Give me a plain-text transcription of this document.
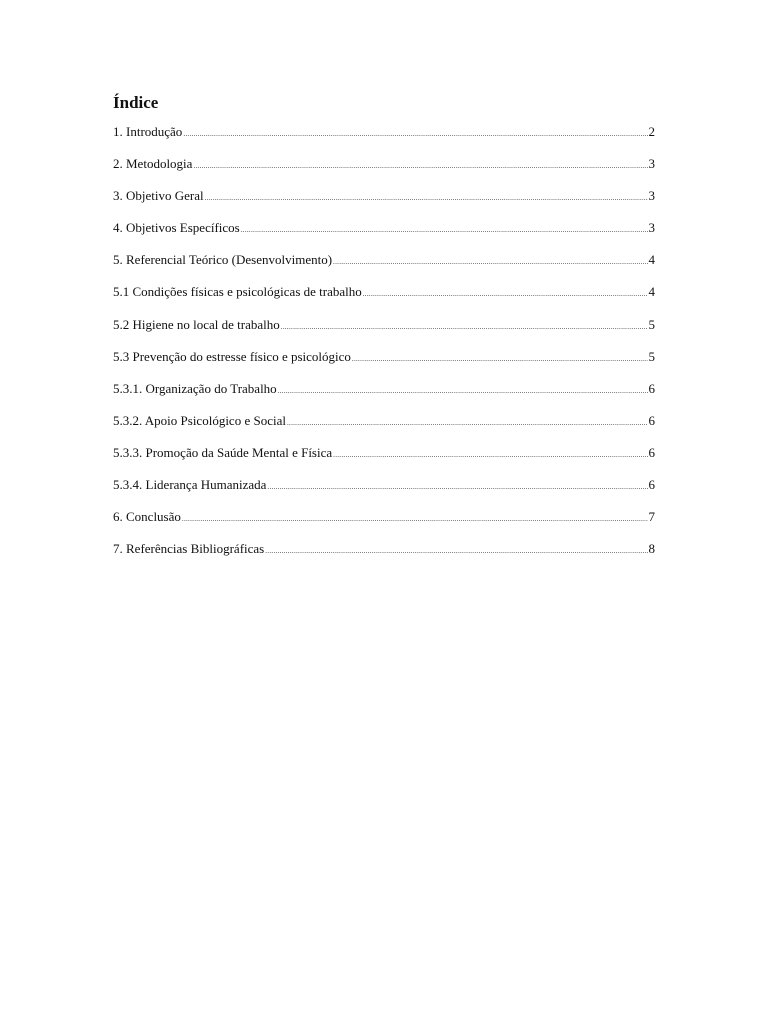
Índice
1. Introdução .....	2
2. Metodologia .....	3
3. Objetivo Geral .....	3
4. Objetivos Específicos .....	3
5. Referencial Teórico (Desenvolvimento) .....	4
5.1 Condições físicas e psicológicas de trabalho .....	4
5.2 Higiene no local de trabalho .....	5
5.3 Prevenção do estresse físico e psicológico .....	5
5.3.1. Organização do Trabalho .....	6
5.3.2. Apoio Psicológico e Social .....	6
5.3.3. Promoção da Saúde Mental e Física .....	6
5.3.4. Liderança Humanizada .....	6
6. Conclusão .....	7
7. Referências Bibliográficas .....	8
